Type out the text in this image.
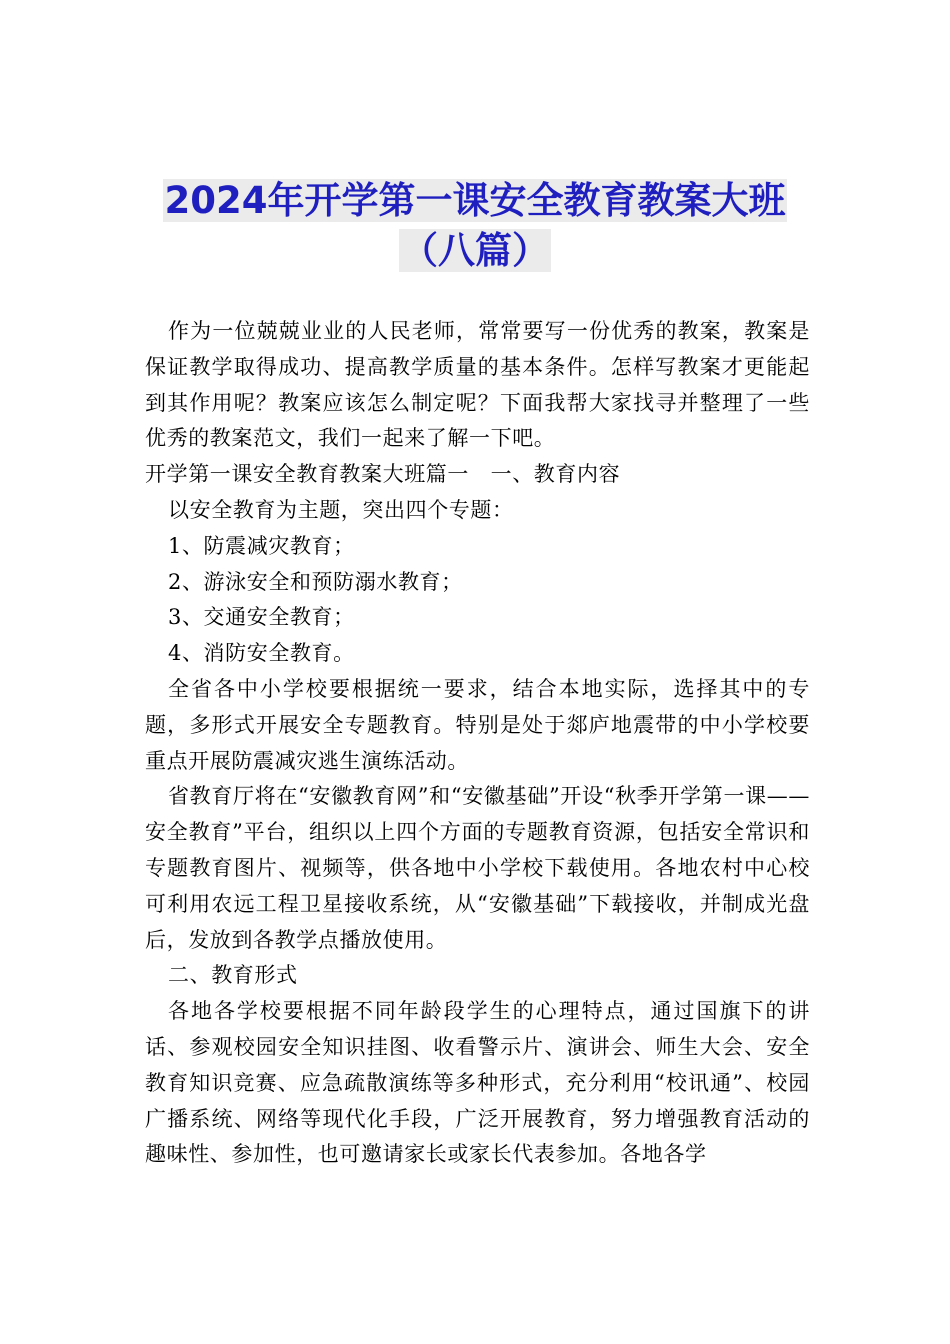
2024年开学第一课安全教育教案大班
（八篇）

作为一位兢兢业业的人民老师，常常要写一份优秀的教案，教案是保证教学取得成功、提高教学质量的基本条件。怎样写教案才更能起到其作用呢？教案应该怎么制定呢？下面我帮大家找寻并整理了一些优秀的教案范文，我们一起来了解一下吧。

开学第一课安全教育教案大班篇一　一、教育内容

以安全教育为主题，突出四个专题：

1、防震减灾教育；

2、游泳安全和预防溺水教育；

3、交通安全教育；

4、消防安全教育。

全省各中小学校要根据统一要求，结合本地实际，选择其中的专题，多形式开展安全专题教育。特别是处于郯庐地震带的中小学校要重点开展防震减灾逃生演练活动。

省教育厅将在“安徽教育网”和“安徽基础”开设“秋季开学第一课——安全教育”平台，组织以上四个方面的专题教育资源，包括安全常识和专题教育图片、视频等，供各地中小学校下载使用。各地农村中心校可利用农远工程卫星接收系统，从“安徽基础”下载接收，并制成光盘后，发放到各教学点播放使用。

二、教育形式

各地各学校要根据不同年龄段学生的心理特点，通过国旗下的讲话、参观校园安全知识挂图、收看警示片、演讲会、师生大会、安全教育知识竞赛、应急疏散演练等多种形式，充分利用“校讯通”、校园广播系统、网络等现代化手段，广泛开展教育，努力增强教育活动的趣味性、参加性，也可邀请家长或家长代表参加。各地各学
